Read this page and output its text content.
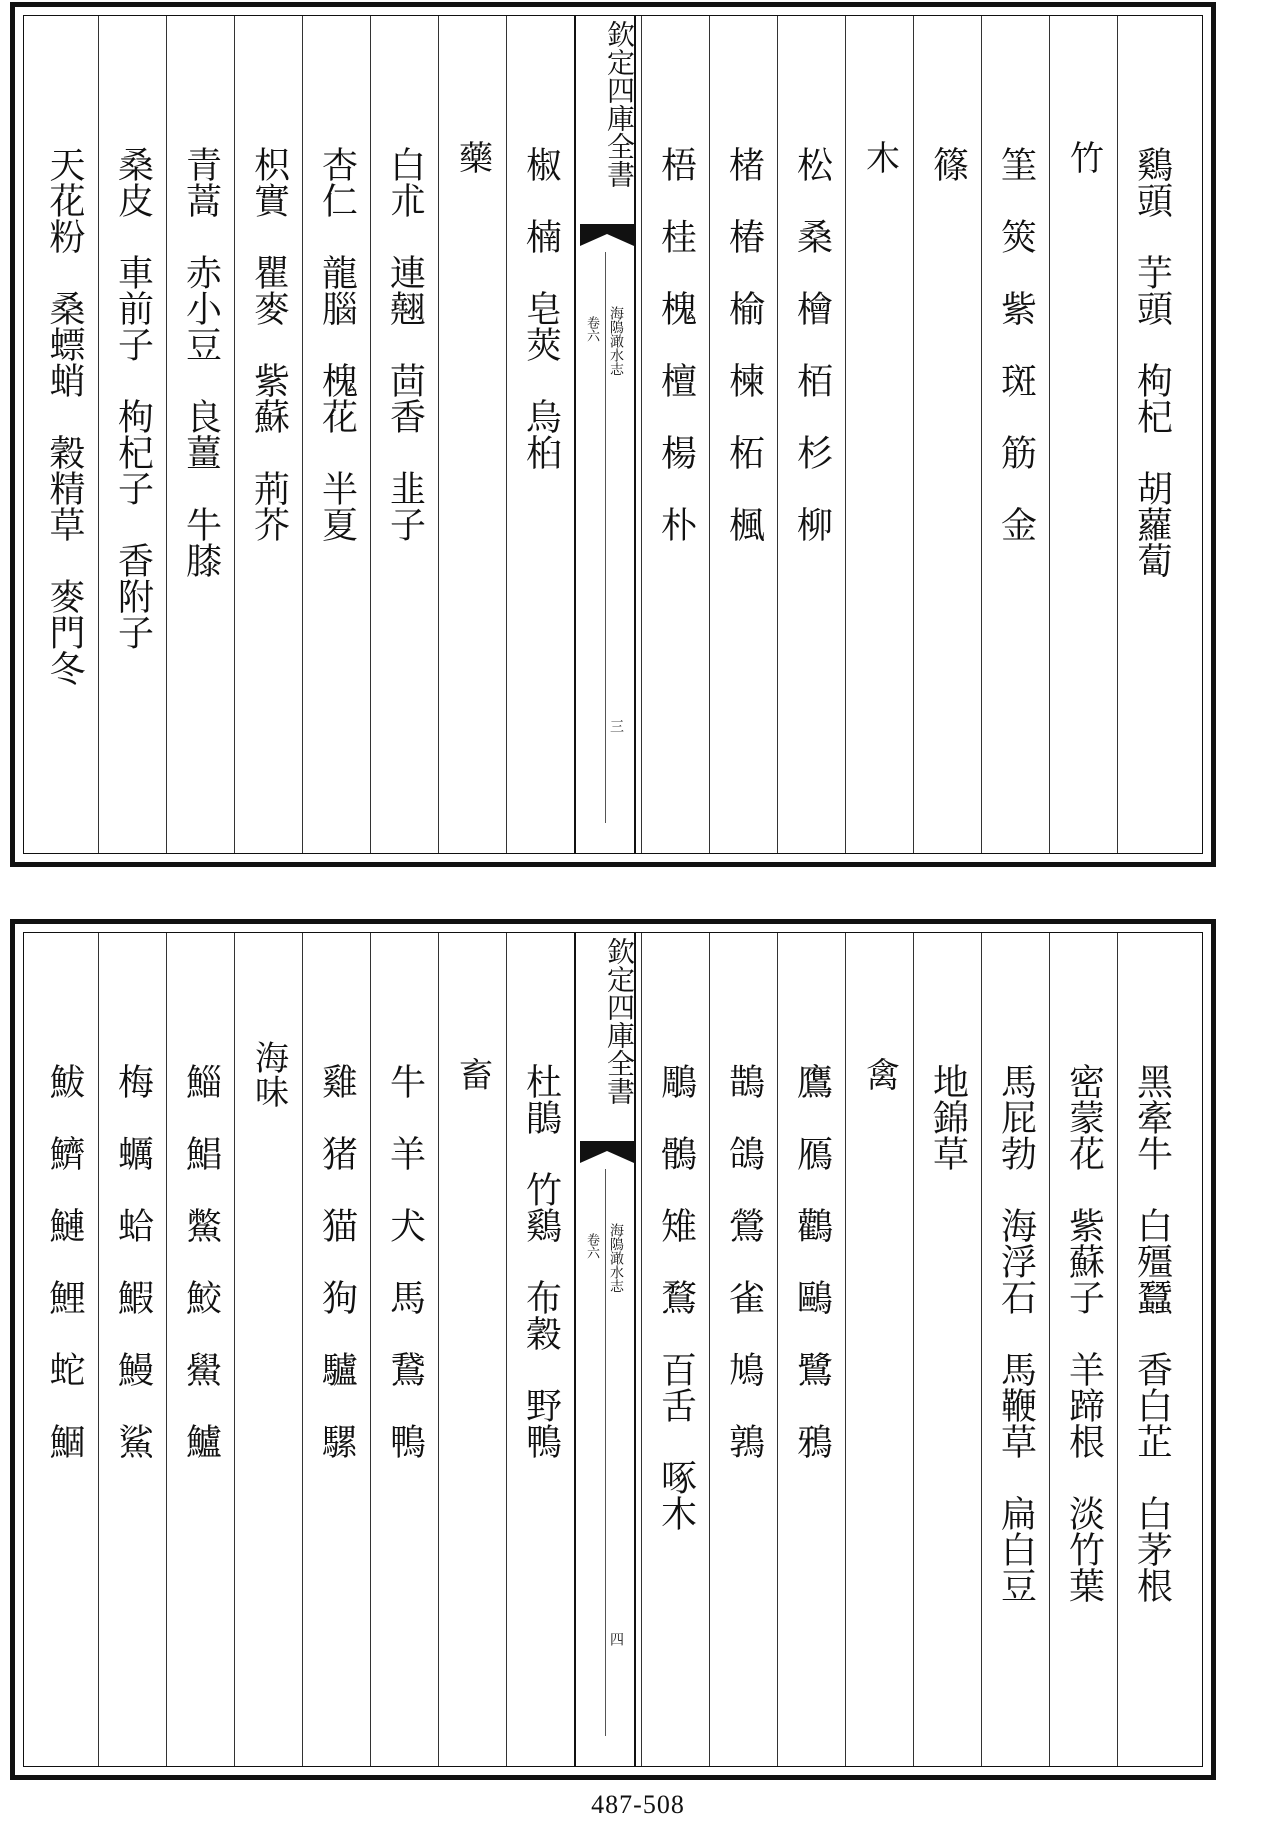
欽定四庫全書
卷六 海隝澉水志
三
鷄頭　芋頭　枸杞　胡蘿蔔
竹
筀　筴　紫　斑　筋　金
篠
木
松　桑　檜　栢　杉　柳
楮　椿　榆　楝　柘　楓
梧　桂　槐　檀　楊　朴
椒　楠　皂莢　烏桕
藥
白朮　連翹　茴香　韭子
杏仁　龍腦　槐花　半夏
枳實　瞿麥　紫蘇　荊芥
青蒿　赤小豆　良薑　牛膝
桑皮　車前子　枸杞子　香附子
天花粉　桑螵蛸　穀精草　麥門冬
欽定四庫全書
卷六 海隝澉水志
四
黑牽牛　白殭蠶　香白芷　白茅根
密蒙花　紫蘇子　羊蹄根　淡竹葉
馬屁勃　海浮石　馬鞭草　扁白豆
地錦草
禽
鷹　鴈　鸛　鷗　鷺　鴉
鵲　鴿　鶯　雀　鳩　鶉
鵰　鶻　雉　鶩　百舌　啄木
杜鵑　竹鷄　布穀　野鴨
畜
牛　羊　犬　馬　鵞　鴨
雞　猪　猫　狗　驢　騾
海味
鯔　鯧　鱉　鮫　鱟　鱸
梅　蠣　蛤　鰕　鰻　鯊
鮁　鱭　鰱　鯉　蛇　鯝
487-508
